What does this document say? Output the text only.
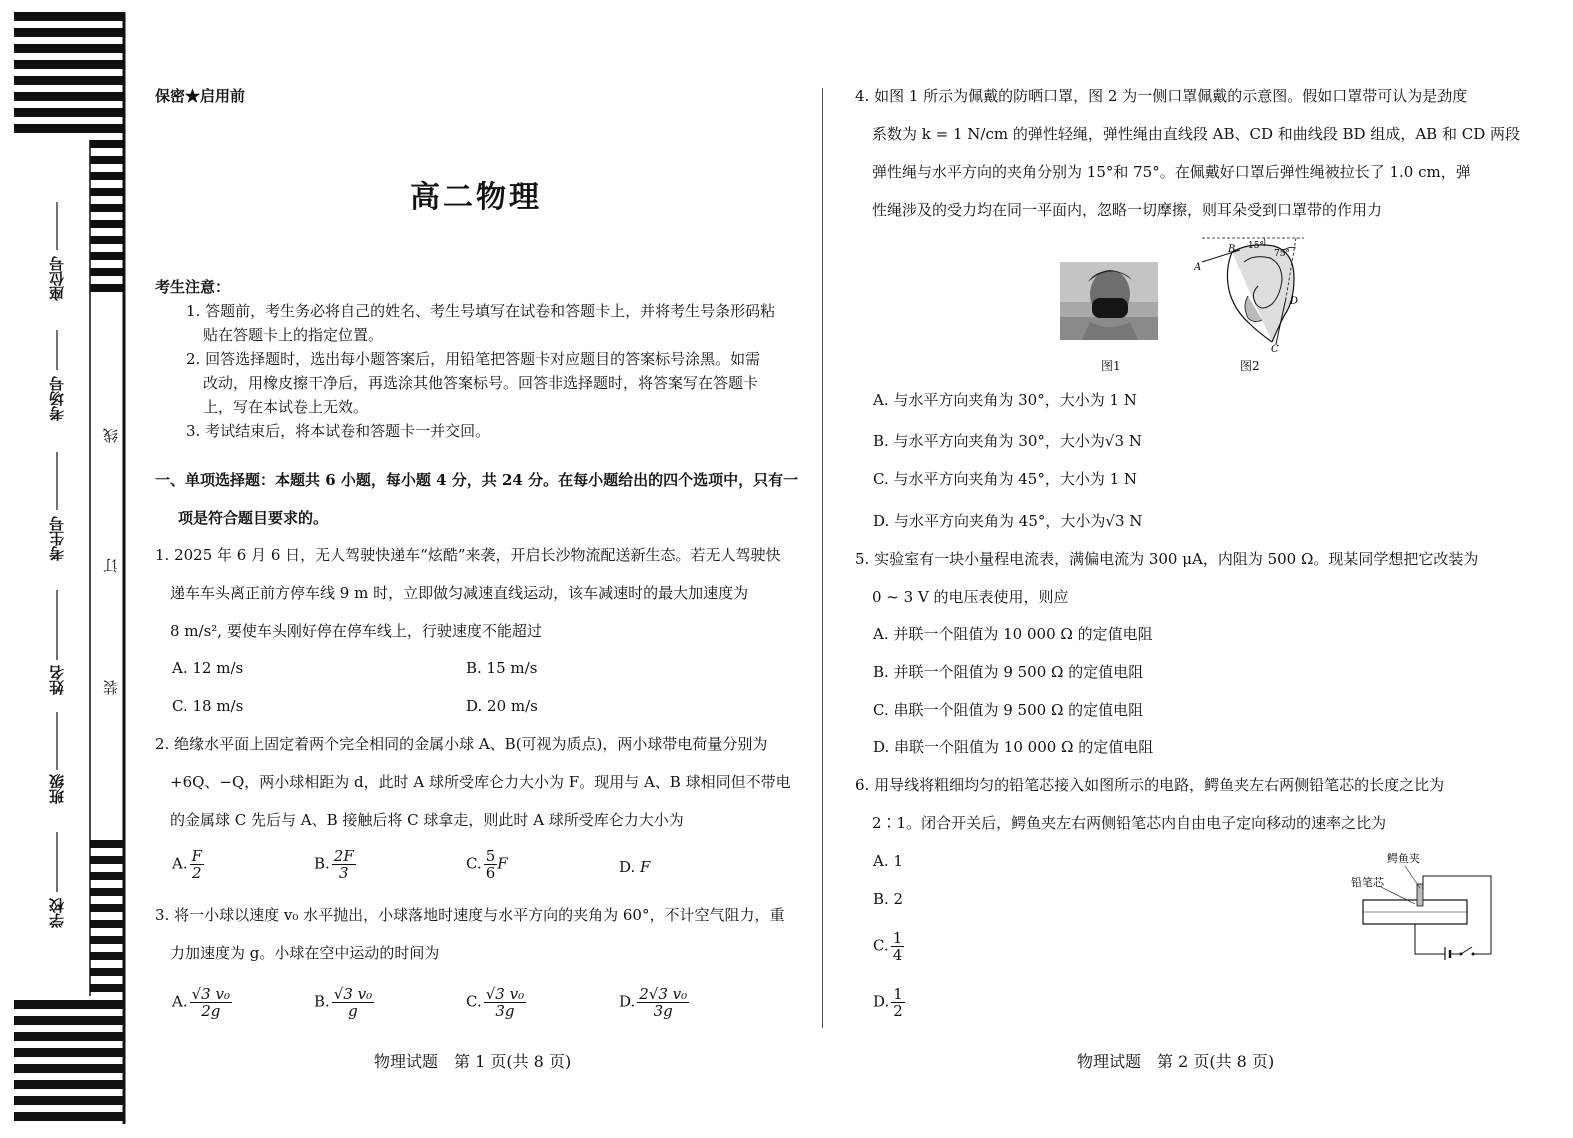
座位号
考场号
考生号
姓名
班级
学校
线
订
装
保密★启用前
高二物理
考生注意：
1. 答题前，考生务必将自己的姓名、考生号填写在试卷和答题卡上，并将考生号条形码粘
贴在答题卡上的指定位置。
2. 回答选择题时，选出每小题答案后，用铅笔把答题卡对应题目的答案标号涂黑。如需
改动，用橡皮擦干净后，再选涂其他答案标号。回答非选择题时，将答案写在答题卡
上，写在本试卷上无效。
3. 考试结束后，将本试卷和答题卡一并交回。
一、单项选择题：本题共 6 小题，每小题 4 分，共 24 分。在每小题给出的四个选项中，只有一
项是符合题目要求的。
1. 2025 年 6 月 6 日，无人驾驶快递车“炫酷”来袭，开启长沙物流配送新生态。若无人驾驶快
递车车头离正前方停车线 9 m 时，立即做匀减速直线运动，该车减速时的最大加速度为
8 m/s², 要使车头刚好停在停车线上，行驶速度不能超过
A. 12 m/s	B. 15 m/s
C. 18 m/s	D. 20 m/s
2. 绝缘水平面上固定着两个完全相同的金属小球 A、B(可视为质点)，两小球带电荷量分别为
+6Q、−Q，两小球相距为 d，此时 A 球所受库仑力大小为 F。现用与 A、B 球相同但不带电
的金属球 C 先后与 A、B 接触后将 C 球拿走，则此时 A 球所受库仑力大小为
A. $\frac{F}{2}$	B. $\frac{2F}{3}$	C. $\frac{5}{6}$ F	D. F
3. 将一小球以速度 v₀ 水平抛出，小球落地时速度与水平方向的夹角为 60°，不计空气阻力，重
力加速度为 g。小球在空中运动的时间为
A. $\frac{\text{√3 v₀}}{2g}$	B. $\frac{\text{√3 v₀}}{g}$	C. $\frac{\text{√3 v₀}}{3g}$	D. $\frac{\text{2√3 v₀}}{3g}$
物理试题　第 1 页(共 8 页)
4. 如图 1 所示为佩戴的防晒口罩，图 2 为一侧口罩佩戴的示意图。假如口罩带可认为是劲度
系数为 k = 1 N/cm 的弹性轻绳，弹性绳由直线段 AB、CD 和曲线段 BD 组成，AB 和 CD 两段
弹性绳与水平方向的夹角分别为 15°和 75°。在佩戴好口罩后弹性绳被拉长了 1.0 cm，弹
性绳涉及的受力均在同一平面内，忽略一切摩擦，则耳朵受到口罩带的作用力
图1
A
B
C
D
15°
75°
图2
A. 与水平方向夹角为 30°，大小为 1 N
B. 与水平方向夹角为 30°，大小为√3 N
C. 与水平方向夹角为 45°，大小为 1 N
D. 与水平方向夹角为 45°，大小为√3 N
5. 实验室有一块小量程电流表，满偏电流为 300 μA，内阻为 500 Ω。现某同学想把它改装为
0 ~ 3 V 的电压表使用，则应
A. 并联一个阻值为 10 000 Ω 的定值电阻
B. 并联一个阻值为 9 500 Ω 的定值电阻
C. 串联一个阻值为 9 500 Ω 的定值电阻
D. 串联一个阻值为 10 000 Ω 的定值电阻
6. 用导线将粗细均匀的铅笔芯接入如图所示的电路，鳄鱼夹左右两侧铅笔芯的长度之比为
2∶1。闭合开关后，鳄鱼夹左右两侧铅笔芯内自由电子定向移动的速率之比为
A. 1
B. 2
C. $\frac{1}{4}$
D. $\frac{1}{2}$
鳄鱼夹
铅笔芯
物理试题　第 2 页(共 8 页)
